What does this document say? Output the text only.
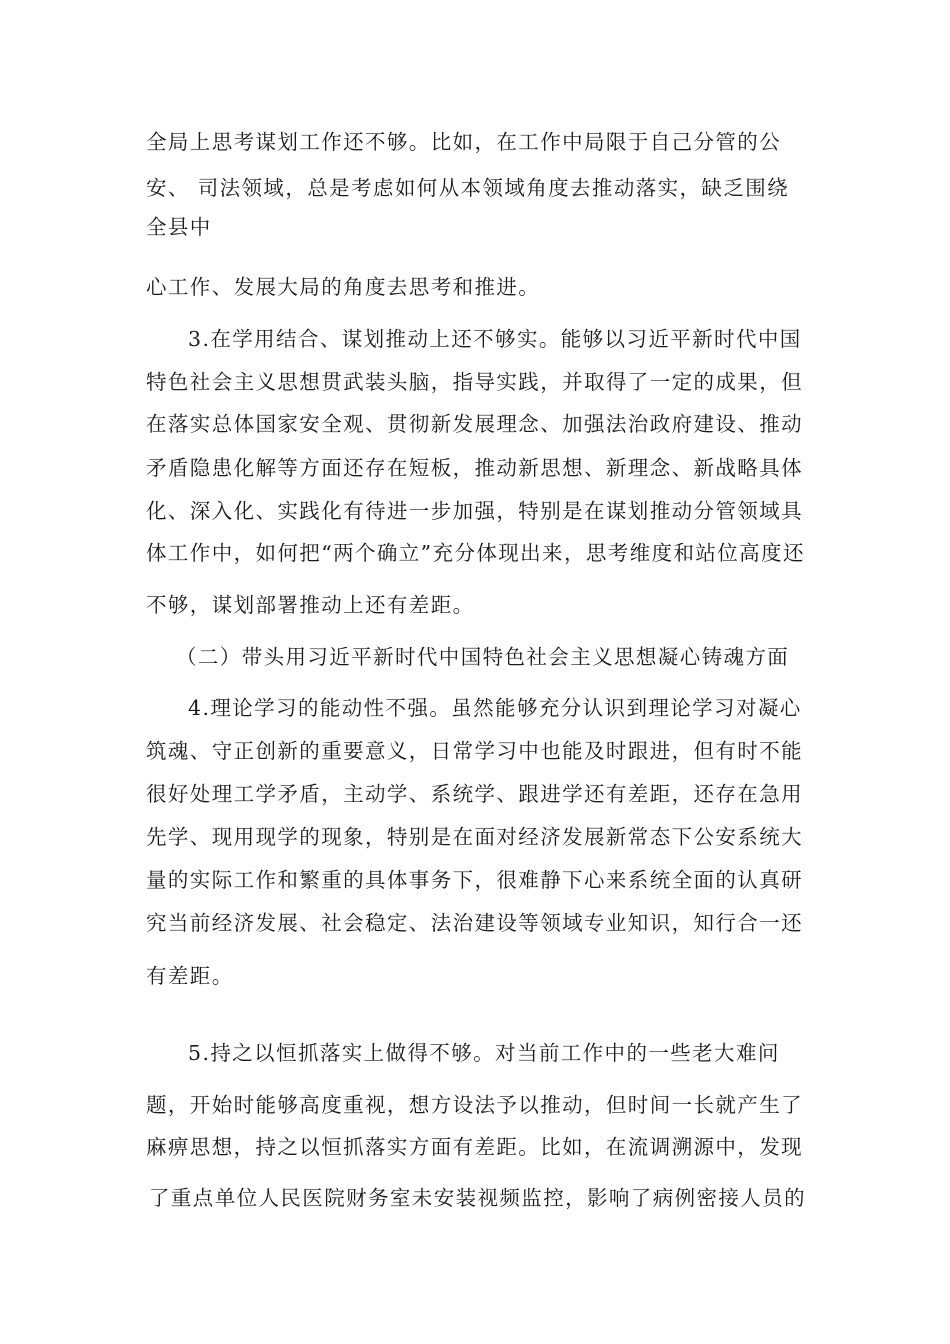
全局上思考谋划工作还不够。比如，在工作中局限于自己分管的公
安、 司法领域，总是考虑如何从本领域角度去推动落实，缺乏围绕
全县中
心工作、发展大局的角度去思考和推进。
3.在学用结合、谋划推动上还不够实。能够以习近平新时代中国
特色社会主义思想贯武装头脑，指导实践，并取得了一定的成果，但
在落实总体国家安全观、贯彻新发展理念、加强法治政府建设、推动
矛盾隐患化解等方面还存在短板，推动新思想、新理念、新战略具体
化、深入化、实践化有待进一步加强，特别是在谋划推动分管领域具
体工作中，如何把“两个确立”充分体现出来，思考维度和站位高度还
不够，谋划部署推动上还有差距。
（二）带头用习近平新时代中国特色社会主义思想凝心铸魂方面
4.理论学习的能动性不强。虽然能够充分认识到理论学习对凝心
筑魂、守正创新的重要意义，日常学习中也能及时跟进，但有时不能
很好处理工学矛盾，主动学、系统学、跟进学还有差距，还存在急用
先学、现用现学的现象，特别是在面对经济发展新常态下公安系统大
量的实际工作和繁重的具体事务下，很难静下心来系统全面的认真研
究当前经济发展、社会稳定、法治建设等领域专业知识，知行合一还
有差距。
5.持之以恒抓落实上做得不够。对当前工作中的一些老大难问
题，开始时能够高度重视，想方设法予以推动，但时间一长就产生了
麻痹思想，持之以恒抓落实方面有差距。比如，在流调溯源中，发现
了重点单位人民医院财务室未安装视频监控，影响了病例密接人员的
